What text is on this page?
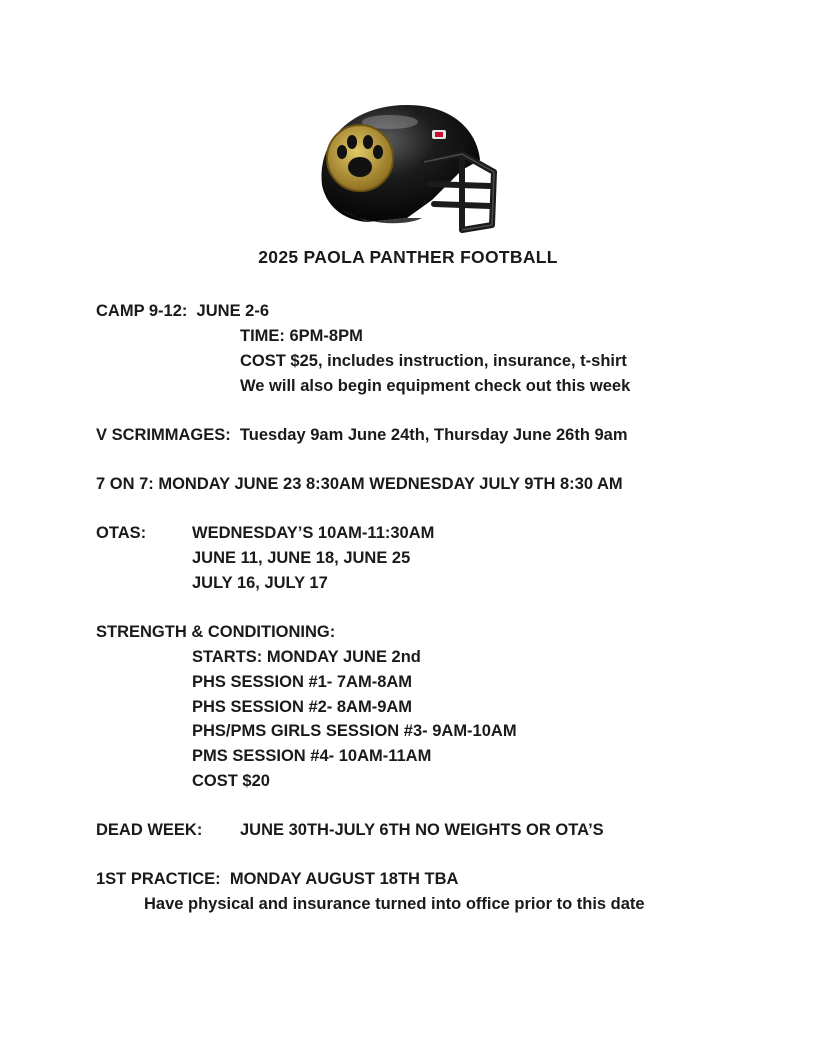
2025 PAOLA PANTHER FOOTBALL
CAMP 9-12:  JUNE 2-6
TIME: 6PM-8PM
COST $25, includes instruction, insurance, t-shirt
We will also begin equipment check out this week
V SCRIMMAGES:  Tuesday 9am June 24th, Thursday June 26th 9am
7 ON 7: MONDAY JUNE 23 8:30AM WEDNESDAY JULY 9TH 8:30 AM
OTAS:	WEDNESDAY’S 10AM-11:30AM
JUNE 11, JUNE 18, JUNE 25
JULY 16, JULY 17
STRENGTH & CONDITIONING:
STARTS: MONDAY JUNE 2nd
PHS SESSION #1- 7AM-8AM
PHS SESSION #2- 8AM-9AM
PHS/PMS GIRLS SESSION #3- 9AM-10AM
PMS SESSION #4- 10AM-11AM
COST $20
DEAD WEEK: JUNE 30TH-JULY 6TH NO WEIGHTS OR OTA’S
1ST PRACTICE:  MONDAY AUGUST 18TH TBA
Have physical and insurance turned into office prior to this date
